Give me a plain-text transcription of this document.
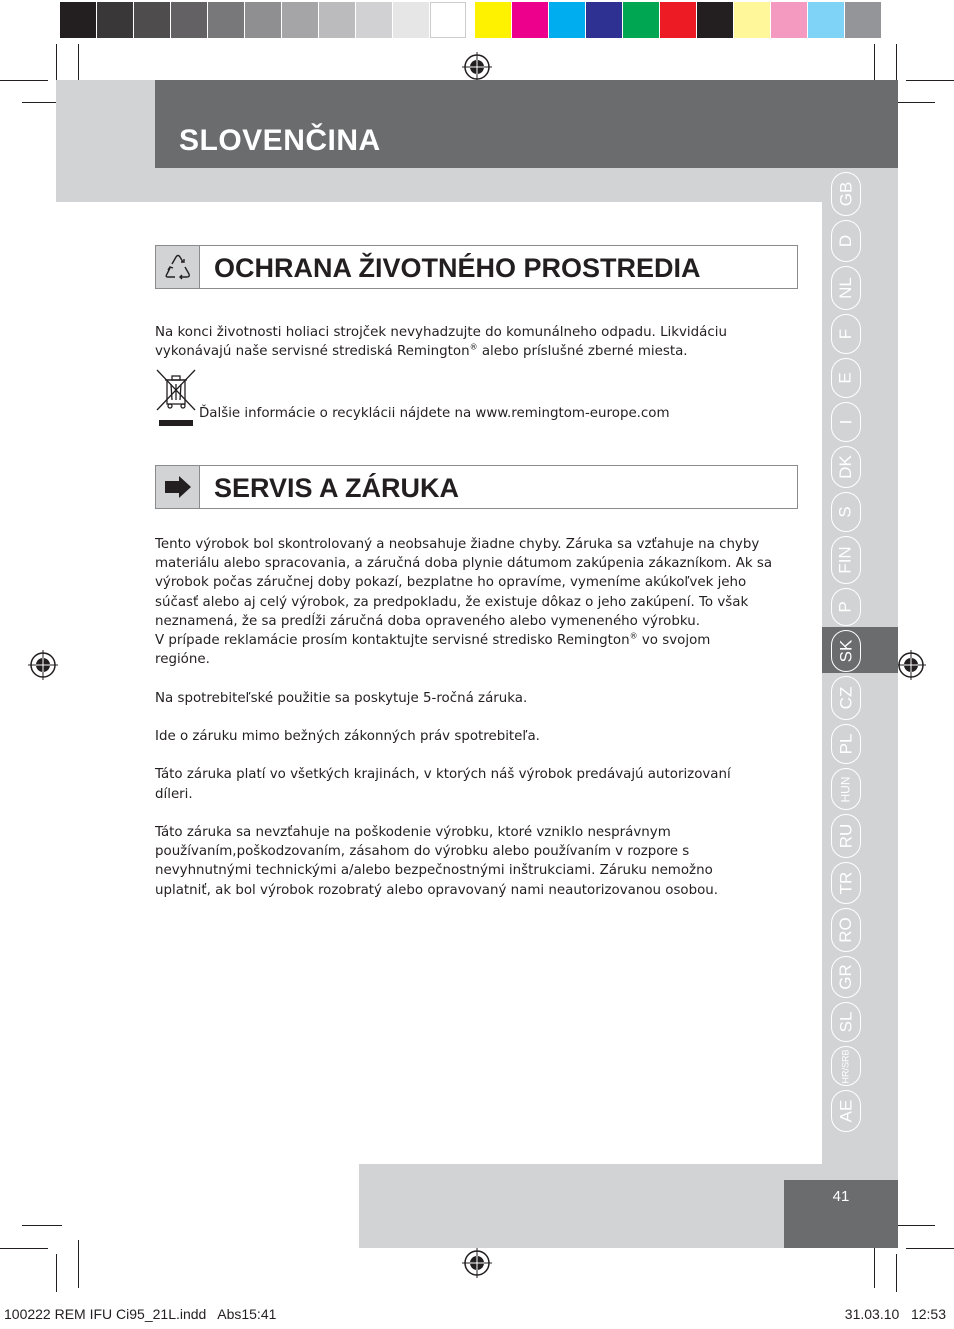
SLOVENČINA
41
GB
D
NL
F
E
I
DK
S
FIN
P
SK
CZ
PL
HUN
RU
TR
RO
GR
SL
HR/SRB
AE
OCHRANA ŽIVOTNÉHO PROSTREDIA
Na konci životnosti holiaci strojček nevyhadzujte do komunálneho odpadu. Likvidáciu
vykonávajú naše servisné strediská Remington® alebo príslušné zberné miesta.
Ďalšie informácie o recyklácii nájdete na www.remingtom-europe.com
SERVIS A ZÁRUKA

Tento výrobok bol skontrolovaný a neobsahuje žiadne chyby. Záruka sa vzťahuje na chyby
materiálu alebo spracovania, a záručná doba plynie dátumom zakúpenia zákazníkom. Ak sa
výrobok počas záručnej doby pokazí, bezplatne ho opravíme, vymeníme akúkoľvek jeho
súčasť alebo aj celý výrobok, za predpokladu, že existuje dôkaz o jeho zakúpení. To však
neznamená, že sa predĺži záručná doba opraveného alebo vymeneného výrobku.
V prípade reklamácie prosím kontaktujte servisné stredisko Remington® vo svojom
regióne.

Na spotrebiteľské použitie sa poskytuje 5-ročná záruka.

Ide o záruku mimo bežných zákonných práv spotrebiteľa.

Táto záruka platí vo všetkých krajinách, v ktorých náš výrobok predávajú autorizovaní
díleri.

Táto záruka sa nevzťahuje na poškodenie výrobku, ktoré vzniklo nesprávnym
používaním,poškodzovaním, zásahom do výrobku alebo používaním v rozpore s
nevyhnutnými technickými a/alebo bezpečnostnými inštrukciami. Záruku nemožno
uplatniť, ak bol výrobok rozobratý alebo opravovaný nami neautorizovanou osobou.

100222 REM IFU Ci95_21L.indd   Abs15:41	31.03.10   12:53
